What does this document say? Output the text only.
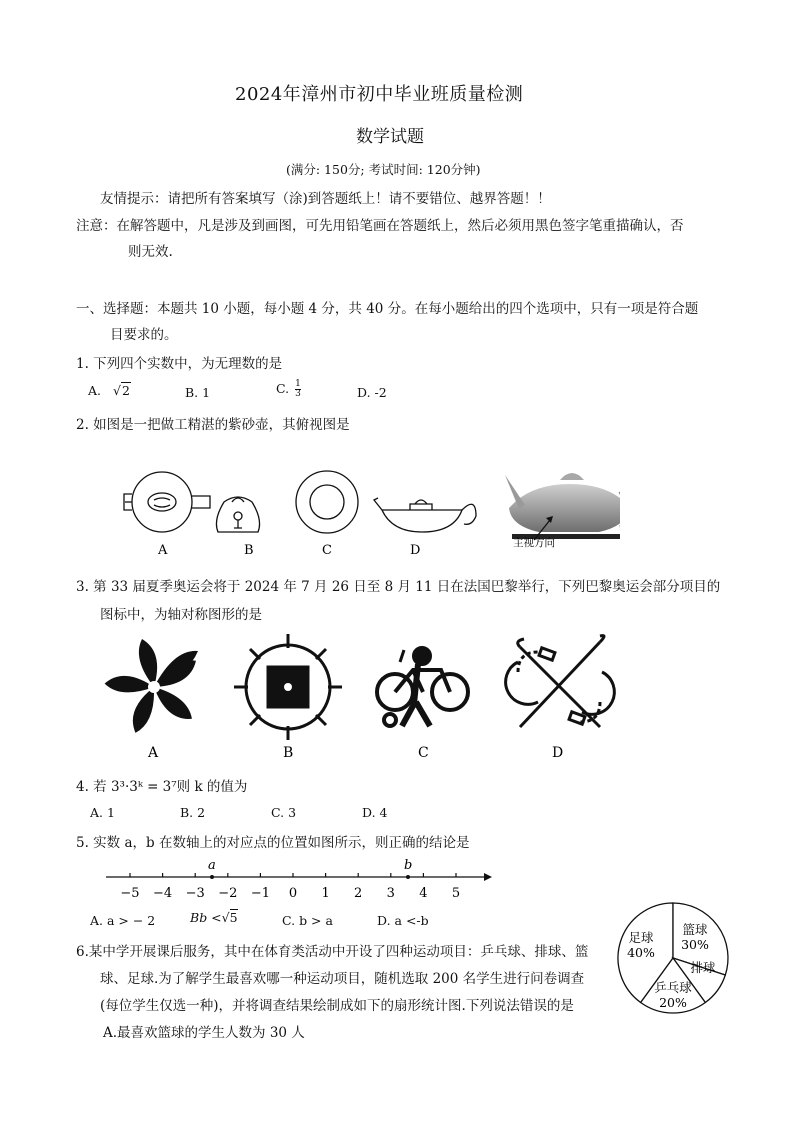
2024年漳州市初中毕业班质量检测
数学试题
(满分: 150分; 考试时间: 120分钟)
友情提示：请把所有答案填写（涂)到答题纸上！请不要错位、越界答题！！
注意：在解答题中，凡是涉及到画图，可先用铅笔画在答题纸上，然后必须用黑色签字笔重描确认，否
则无效.
一、选择题：本题共 10 小题，每小题 4 分，共 40 分。在每小题给出的四个选项中，只有一项是符合题
目要求的。
1. 下列四个实数中，为无理数的是
A. √2	B. 1	C. $\frac{1}{3}$	D. -2
2. 如图是一把做工精湛的紫砂壶，其俯视图是
A	B	C	D	主视方向
3. 第 33 届夏季奥运会将于 2024 年 7 月 26 日至 8 月 11 日在法国巴黎举行，下列巴黎奥运会部分项目的
图标中，为轴对称图形的是
A	B	C	D
4. 若 3³·3ᵏ = 3⁷则 k 的值为
A. 1	B. 2	C. 3	D. 4
5. 实数 a，b 在数轴上的对应点的位置如图所示，则正确的结论是
−5 −4 −3 −2 −1 0 1 2 3 4 5
a	b
A. a > − 2	Bb <√5	C. b > a	D. a <-b
6.某中学开展课后服务，其中在体育类活动中开设了四种运动项目：乒乓球、排球、篮
球、足球.为了解学生最喜欢哪一种运动项目，随机选取 200 名学生进行问卷调查
(每位学生仅选一种)，并将调查结果绘制成如下的扇形统计图.下列说法错误的是
A.最喜欢篮球的学生人数为 30 人
足球
40%
篮球
30%
排球
乒乓球
20%
